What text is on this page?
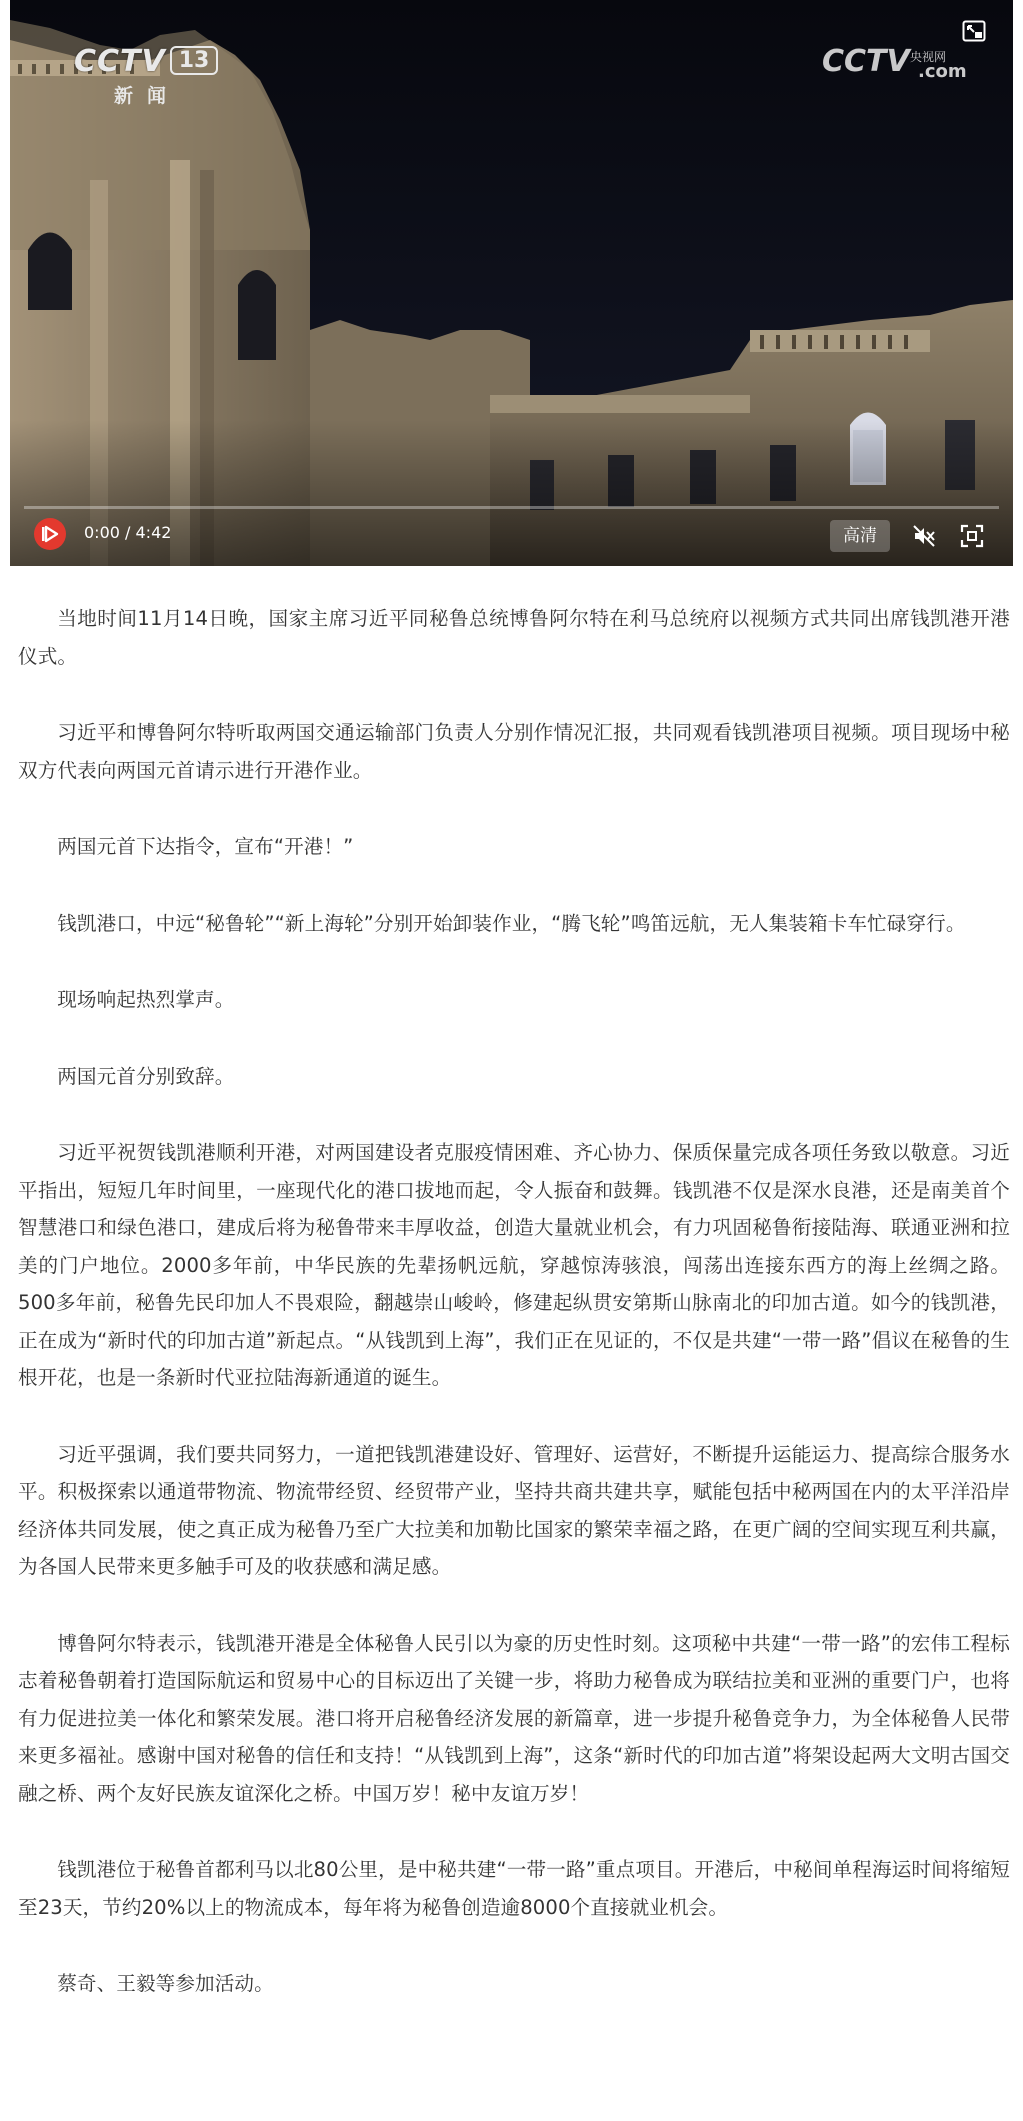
CCTV 13
新闻
CCTV 央视网
.com
0:00 / 4:42	高清

当地时间11月14日晚，国家主席习近平同秘鲁总统博鲁阿尔特在利马总统府以视频方式共同出席钱凯港开港仪式。

习近平和博鲁阿尔特听取两国交通运输部门负责人分别作情况汇报，共同观看钱凯港项目视频。项目现场中秘双方代表向两国元首请示进行开港作业。

两国元首下达指令，宣布“开港！”

钱凯港口，中远“秘鲁轮”“新上海轮”分别开始卸装作业，“腾飞轮”鸣笛远航，无人集装箱卡车忙碌穿行。

现场响起热烈掌声。

两国元首分别致辞。

习近平祝贺钱凯港顺利开港，对两国建设者克服疫情困难、齐心协力、保质保量完成各项任务致以敬意。习近平指出，短短几年时间里，一座现代化的港口拔地而起，令人振奋和鼓舞。钱凯港不仅是深水良港，还是南美首个智慧港口和绿色港口，建成后将为秘鲁带来丰厚收益，创造大量就业机会，有力巩固秘鲁衔接陆海、联通亚洲和拉美的门户地位。2000多年前，中华民族的先辈扬帆远航，穿越惊涛骇浪，闯荡出连接东西方的海上丝绸之路。500多年前，秘鲁先民印加人不畏艰险，翻越崇山峻岭，修建起纵贯安第斯山脉南北的印加古道。如今的钱凯港，正在成为“新时代的印加古道”新起点。“从钱凯到上海”，我们正在见证的，不仅是共建“一带一路”倡议在秘鲁的生根开花，也是一条新时代亚拉陆海新通道的诞生。

习近平强调，我们要共同努力，一道把钱凯港建设好、管理好、运营好，不断提升运能运力、提高综合服务水平。积极探索以通道带物流、物流带经贸、经贸带产业，坚持共商共建共享，赋能包括中秘两国在内的太平洋沿岸经济体共同发展，使之真正成为秘鲁乃至广大拉美和加勒比国家的繁荣幸福之路，在更广阔的空间实现互利共赢，为各国人民带来更多触手可及的收获感和满足感。

博鲁阿尔特表示，钱凯港开港是全体秘鲁人民引以为豪的历史性时刻。这项秘中共建“一带一路”的宏伟工程标志着秘鲁朝着打造国际航运和贸易中心的目标迈出了关键一步，将助力秘鲁成为联结拉美和亚洲的重要门户，也将有力促进拉美一体化和繁荣发展。港口将开启秘鲁经济发展的新篇章，进一步提升秘鲁竞争力，为全体秘鲁人民带来更多福祉。感谢中国对秘鲁的信任和支持！“从钱凯到上海”，这条“新时代的印加古道”将架设起两大文明古国交融之桥、两个友好民族友谊深化之桥。中国万岁！秘中友谊万岁！

钱凯港位于秘鲁首都利马以北80公里，是中秘共建“一带一路”重点项目。开港后，中秘间单程海运时间将缩短至23天，节约20%以上的物流成本，每年将为秘鲁创造逾8000个直接就业机会。

蔡奇、王毅等参加活动。
